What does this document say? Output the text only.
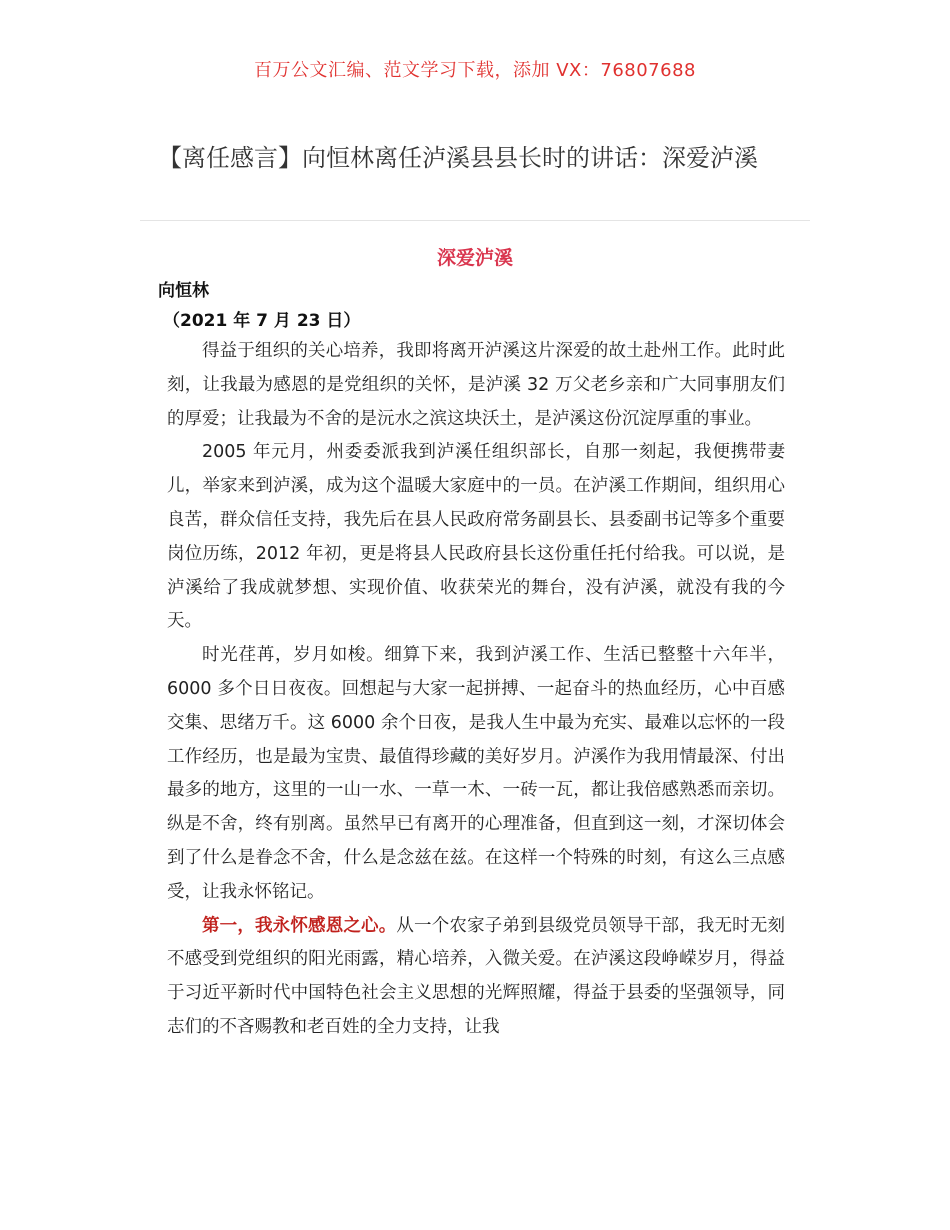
百万公文汇编、范文学习下载，添加 VX：76807688
【离任感言】向恒林离任泸溪县县长时的讲话：深爱泸溪
深爱泸溪
向恒林
（2021 年 7 月 23 日）

得益于组织的关心培养，我即将离开泸溪这片深爱的故土赴州工作。此时此刻，让我最为感恩的是党组织的关怀，是泸溪 32 万父老乡亲和广大同事朋友们的厚爱；让我最为不舍的是沅水之滨这块沃土，是泸溪这份沉淀厚重的事业。

2005 年元月，州委委派我到泸溪任组织部长，自那一刻起，我便携带妻儿，举家来到泸溪，成为这个温暖大家庭中的一员。在泸溪工作期间，组织用心良苦，群众信任支持，我先后在县人民政府常务副县长、县委副书记等多个重要岗位历练，2012 年初，更是将县人民政府县长这份重任托付给我。可以说，是泸溪给了我成就梦想、实现价值、收获荣光的舞台，没有泸溪，就没有我的今天。

时光荏苒，岁月如梭。细算下来，我到泸溪工作、生活已整整十六年半，6000 多个日日夜夜。回想起与大家一起拼搏、一起奋斗的热血经历，心中百感交集、思绪万千。这 6000 余个日夜，是我人生中最为充实、最难以忘怀的一段工作经历，也是最为宝贵、最值得珍藏的美好岁月。泸溪作为我用情最深、付出最多的地方，这里的一山一水、一草一木、一砖一瓦，都让我倍感熟悉而亲切。纵是不舍，终有别离。虽然早已有离开的心理准备，但直到这一刻，才深切体会到了什么是眷念不舍，什么是念兹在兹。在这样一个特殊的时刻，有这么三点感受，让我永怀铭记。

第一，我永怀感恩之心。从一个农家子弟到县级党员领导干部，我无时无刻不感受到党组织的阳光雨露，精心培养，入微关爱。在泸溪这段峥嵘岁月，得益于习近平新时代中国特色社会主义思想的光辉照耀，得益于县委的坚强领导，同志们的不吝赐教和老百姓的全力支持，让我
